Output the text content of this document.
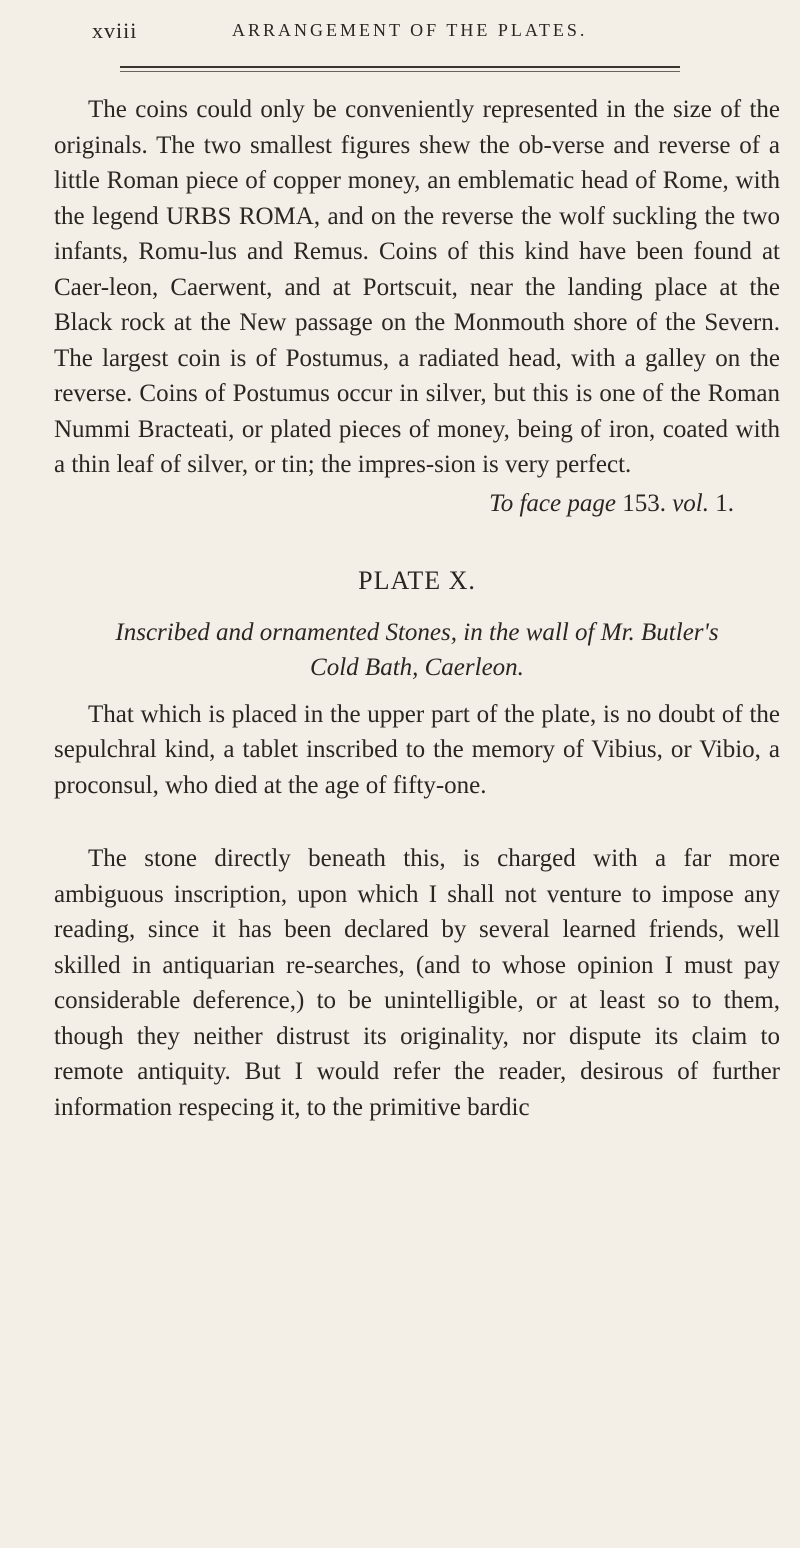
xviii	ARRANGEMENT OF THE PLATES.

The coins could only be conveniently represented in the size of the originals. The two smallest figures shew the ob-verse and reverse of a little Roman piece of copper money, an emblematic head of Rome, with the legend URBS ROMA, and on the reverse the wolf suckling the two infants, Romu-lus and Remus. Coins of this kind have been found at Caer-leon, Caerwent, and at Portscuit, near the landing place at the Black rock at the New passage on the Monmouth shore of the Severn. The largest coin is of Postumus, a radiated head, with a galley on the reverse. Coins of Postumus occur in silver, but this is one of the Roman Nummi Bracteati, or plated pieces of money, being of iron, coated with a thin leaf of silver, or tin; the impres-sion is very perfect.

To face page 153. vol. 1.
PLATE X.
Inscribed and ornamented Stones, in the wall of Mr. Butler's
Cold Bath, Caerleon.

That which is placed in the upper part of the plate, is no doubt of the sepulchral kind, a tablet inscribed to the memory of Vibius, or Vibio, a proconsul, who died at the age of fifty-one.

The stone directly beneath this, is charged with a far more ambiguous inscription, upon which I shall not venture to impose any reading, since it has been declared by several learned friends, well skilled in antiquarian re-searches, (and to whose opinion I must pay considerable deference,) to be unintelligible, or at least so to them, though they neither distrust its originality, nor dispute its claim to remote antiquity. But I would refer the reader, desirous of further information respecing it, to the primitive bardic
